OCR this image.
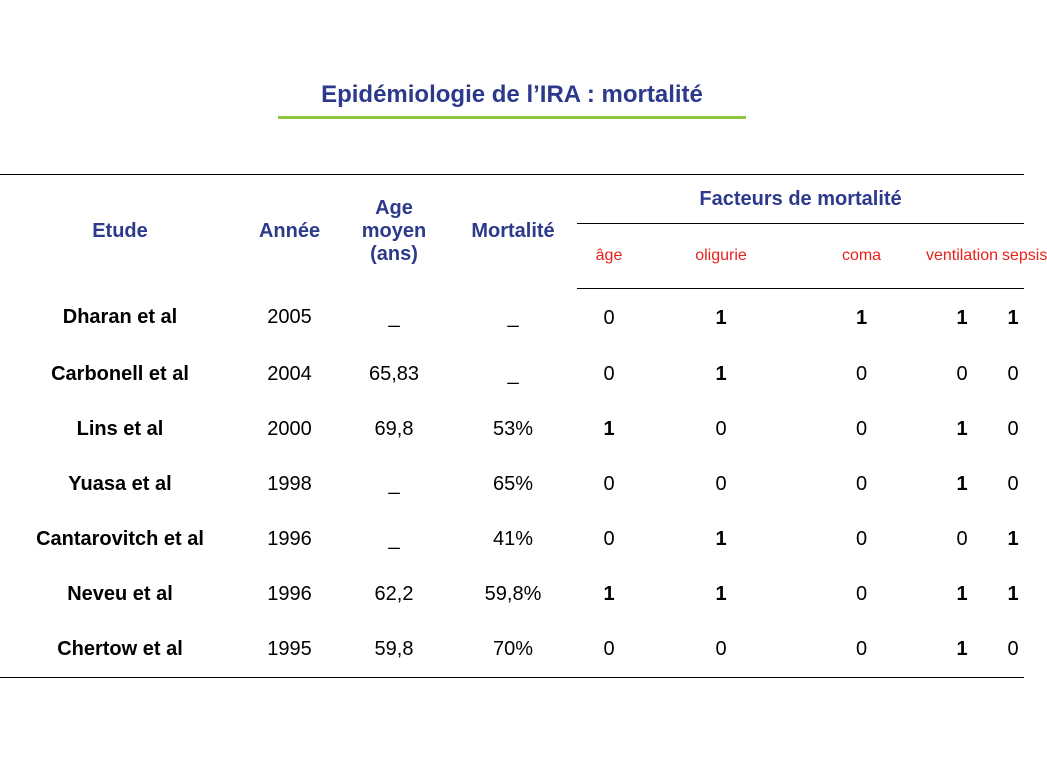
Epidémiologie de l’IRA : mortalité
Etude	Année	Age
moyen
(ans)	Mortalité	Facteurs de mortalité				
				âge	oligurie	coma	ventilation	sepsis
Dharan et al	2005	_	_	0	1	1	1	1
Carbonell et al	2004	65,83	_	0	1	0	0	0
Lins et al	2000	69,8	53%	1	0	0	1	0
Yuasa et al	1998	_	65%	0	0	0	1	0
Cantarovitch et al	1996	_	41%	0	1	0	0	1
Neveu et al	1996	62,2	59,8%	1	1	0	1	1
Chertow et al	1995	59,8	70%	0	0	0	1	0
